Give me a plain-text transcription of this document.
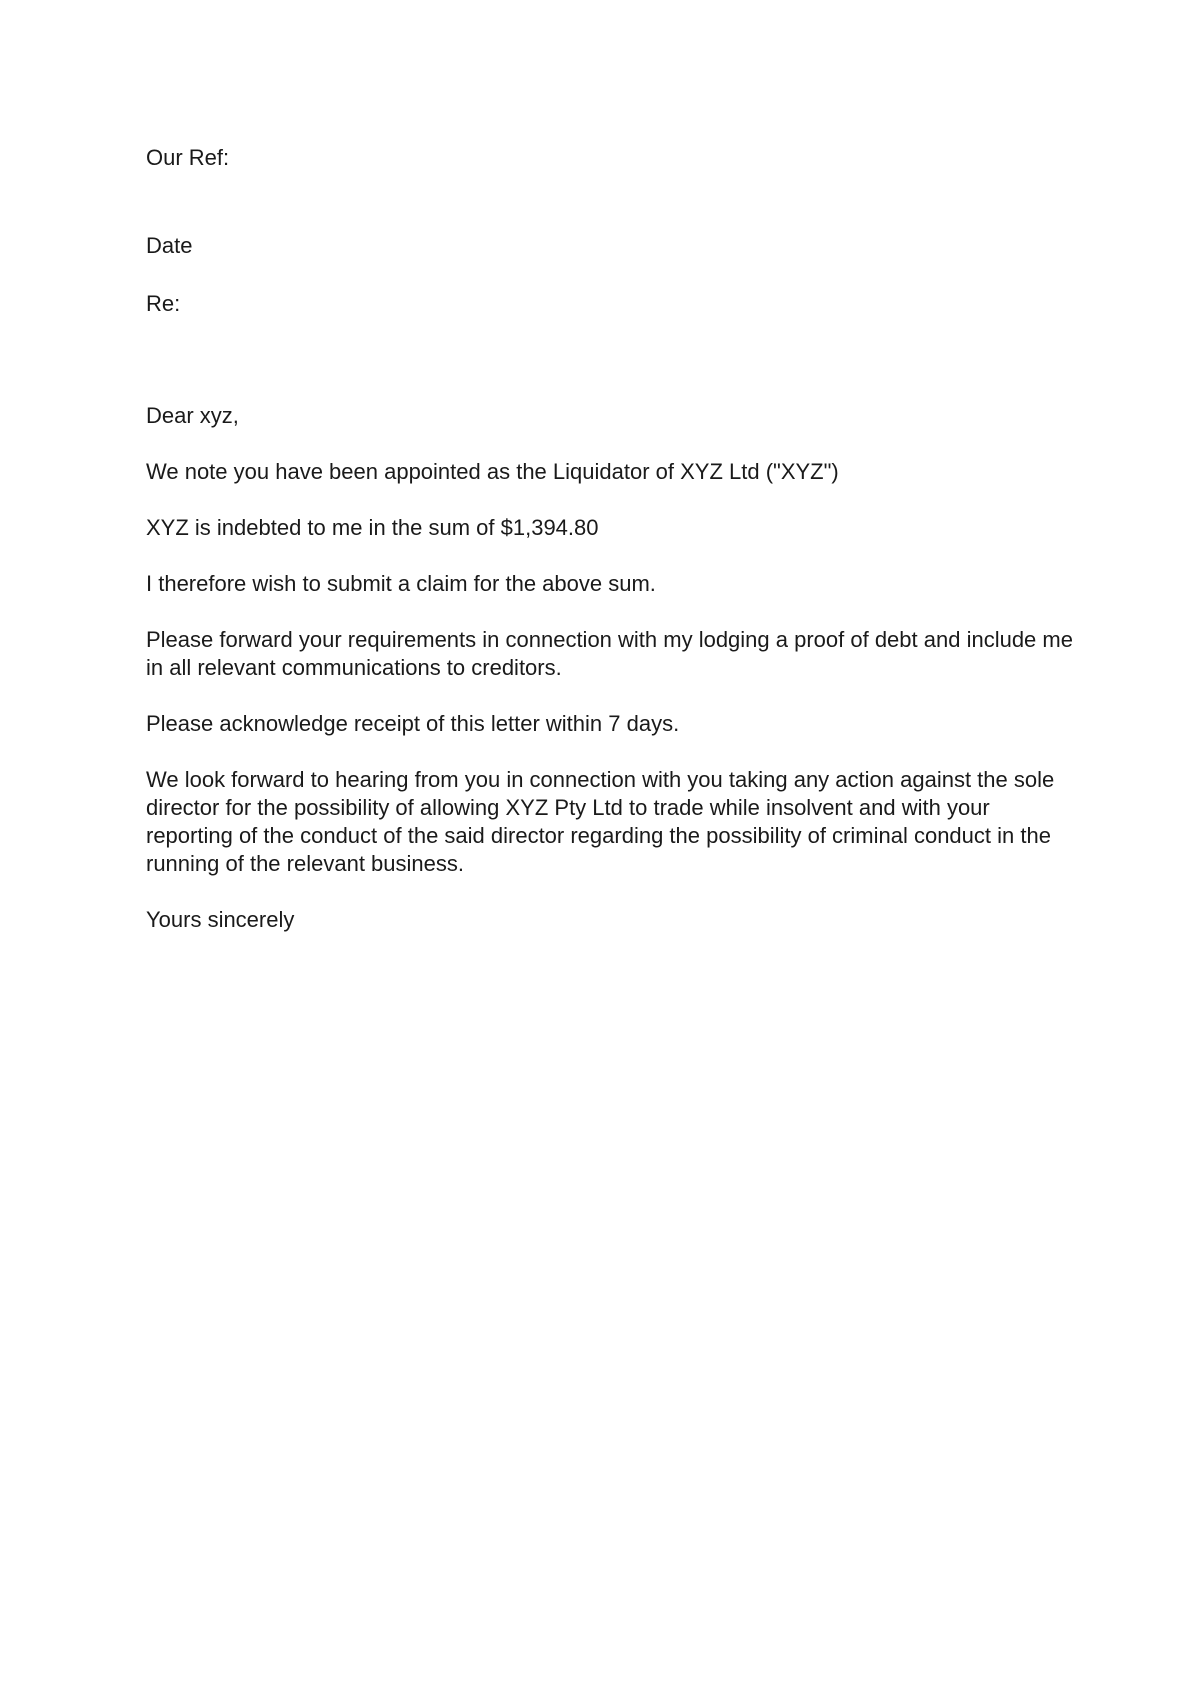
Our Ref:

Date

Re:

Dear xyz,

We note you have been appointed as the Liquidator of XYZ Ltd ("XYZ")

XYZ is indebted to me in the sum of $1,394.80

I therefore wish to submit a claim for the above sum.

Please forward your requirements in connection with my lodging a proof of debt and include me in all relevant communications to creditors.

Please acknowledge receipt of this letter within 7 days.

We look forward to hearing from you in connection with you taking any action against the sole director for the possibility of allowing XYZ Pty Ltd to trade while insolvent and with your reporting of the conduct of the said director regarding the possibility of criminal conduct in the running of the relevant business.

Yours sincerely
